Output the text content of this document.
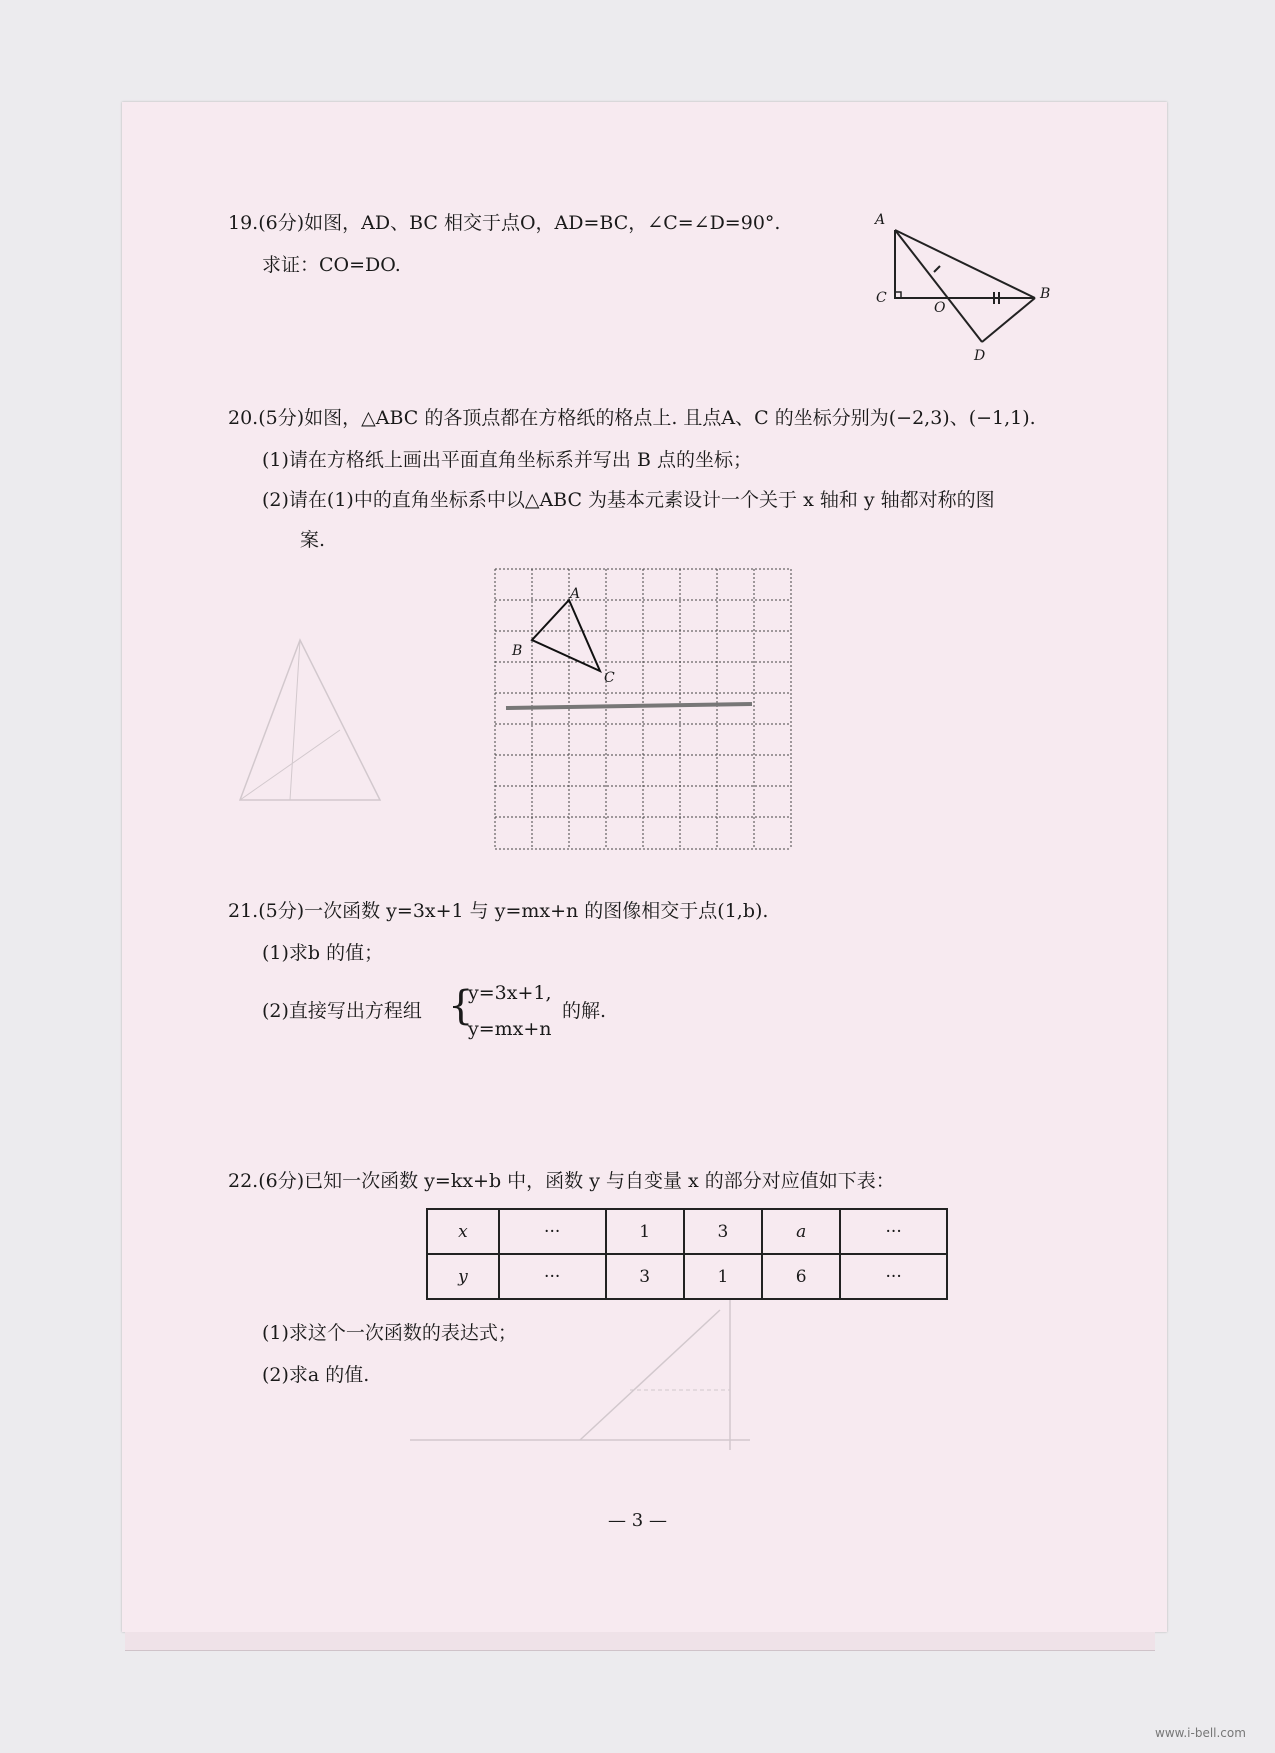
19.(6分)如图，AD、BC 相交于点O，AD=BC，∠C=∠D=90°.
求证：CO=DO.
A
C
O
B
D
20.(5分)如图，△ABC 的各顶点都在方格纸的格点上. 且点A、C 的坐标分别为(−2,3)、(−1,1).
(1)请在方格纸上画出平面直角坐标系并写出 B 点的坐标；
(2)请在(1)中的直角坐标系中以△ABC 为基本元素设计一个关于 x 轴和 y 轴都对称的图
案.
A
B
C
21.(5分)一次函数 y=3x+1 与 y=mx+n 的图像相交于点(1,b).
(1)求b 的值；
(2)直接写出方程组 {
y=3x+1,
y=mx+n
的解.
22.(6分)已知一次函数 y=kx+b 中，函数 y 与自变量 x 的部分对应值如下表：
x	···	1	3	a	···
y	···	3	1	6	···
(1)求这个一次函数的表达式；
(2)求a 的值.
— 3 —
www.i-bell.com
